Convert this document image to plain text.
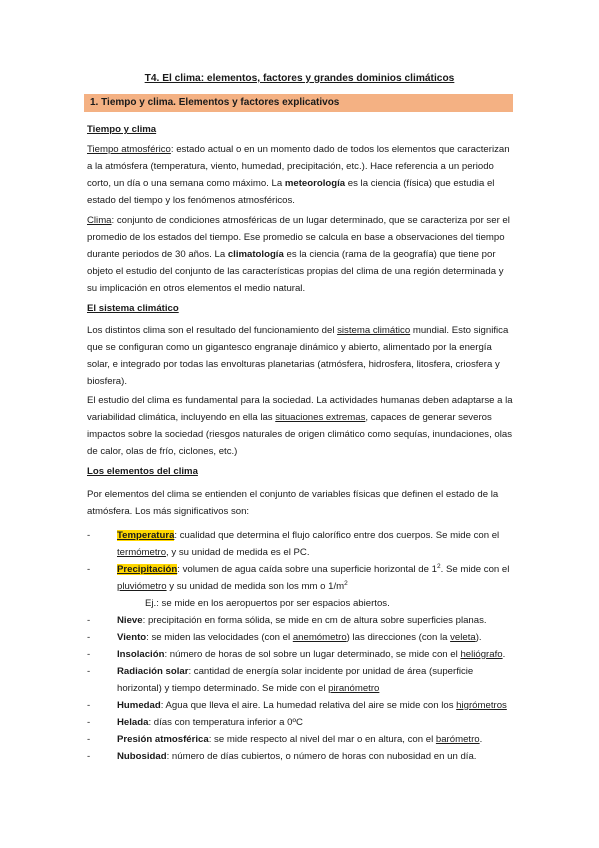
T4. El clima: elementos, factores y grandes dominios climáticos
1. Tiempo y clima. Elementos y factores explicativos
Tiempo y clima

Tiempo atmosférico: estado actual o en un momento dado de todos los elementos que caracterizan a la atmósfera (temperatura, viento, humedad, precipitación, etc.). Hace referencia a un periodo corto, un día o una semana como máximo. La meteorología es la ciencia (física) que estudia el estado del tiempo y los fenómenos atmosféricos.

Clima: conjunto de condiciones atmosféricas de un lugar determinado, que se caracteriza por ser el promedio de los estados del tiempo. Ese promedio se calcula en base a observaciones del tiempo durante periodos de 30 años. La climatología es la ciencia (rama de la geografía) que tiene por objeto el estudio del conjunto de las características propias del clima de una región determinada y su implicación en otros elementos el medio natural.

El sistema climático

Los distintos clima son el resultado del funcionamiento del sistema climático mundial. Esto significa que se configuran como un gigantesco engranaje dinámico y abierto, alimentado por la energía solar, e integrado por todas las envolturas planetarias (atmósfera, hidrosfera, litosfera, criosfera y biosfera).

El estudio del clima es fundamental para la sociedad. La actividades humanas deben adaptarse a la variabilidad climática, incluyendo en ella las situaciones extremas, capaces de generar severos impactos sobre la sociedad (riesgos naturales de origen climático como sequías, inundaciones, olas de calor, olas de frío, ciclones, etc.)

Los elementos del clima

Por elementos del clima se entienden el conjunto de variables físicas que definen el estado de la atmósfera. Los más significativos son:

-	Temperatura: cualidad que determina el flujo calorífico entre dos cuerpos. Se mide con el termómetro, y su unidad de medida es el PC.
-	Precipitación: volumen de agua caída sobre una superficie horizontal de $1^2$. Se mide con el pluviómetro y su unidad de medida son los mm o $1/m^2$
Ej.: se mide en los aeropuertos por ser espacios abiertos.
-	Nieve: precipitación en forma sólida, se mide en cm de altura sobre superficies planas.
-	Viento: se miden las velocidades (con el anemómetro) las direcciones (con la veleta).
-	Insolación: número de horas de sol sobre un lugar determinado, se mide con el heliógrafo.
-	Radiación solar: cantidad de energía solar incidente por unidad de área (superficie horizontal) y tiempo determinado. Se mide con el piranómetro
-	Humedad: Agua que lleva el aire. La humedad relativa del aire se mide con los higrómetros
-	Helada: días con temperatura inferior a 0ºC
-	Presión atmosférica: se mide respecto al nivel del mar o en altura, con el barómetro.
-	Nubosidad: número de días cubiertos, o número de horas con nubosidad en un día.
